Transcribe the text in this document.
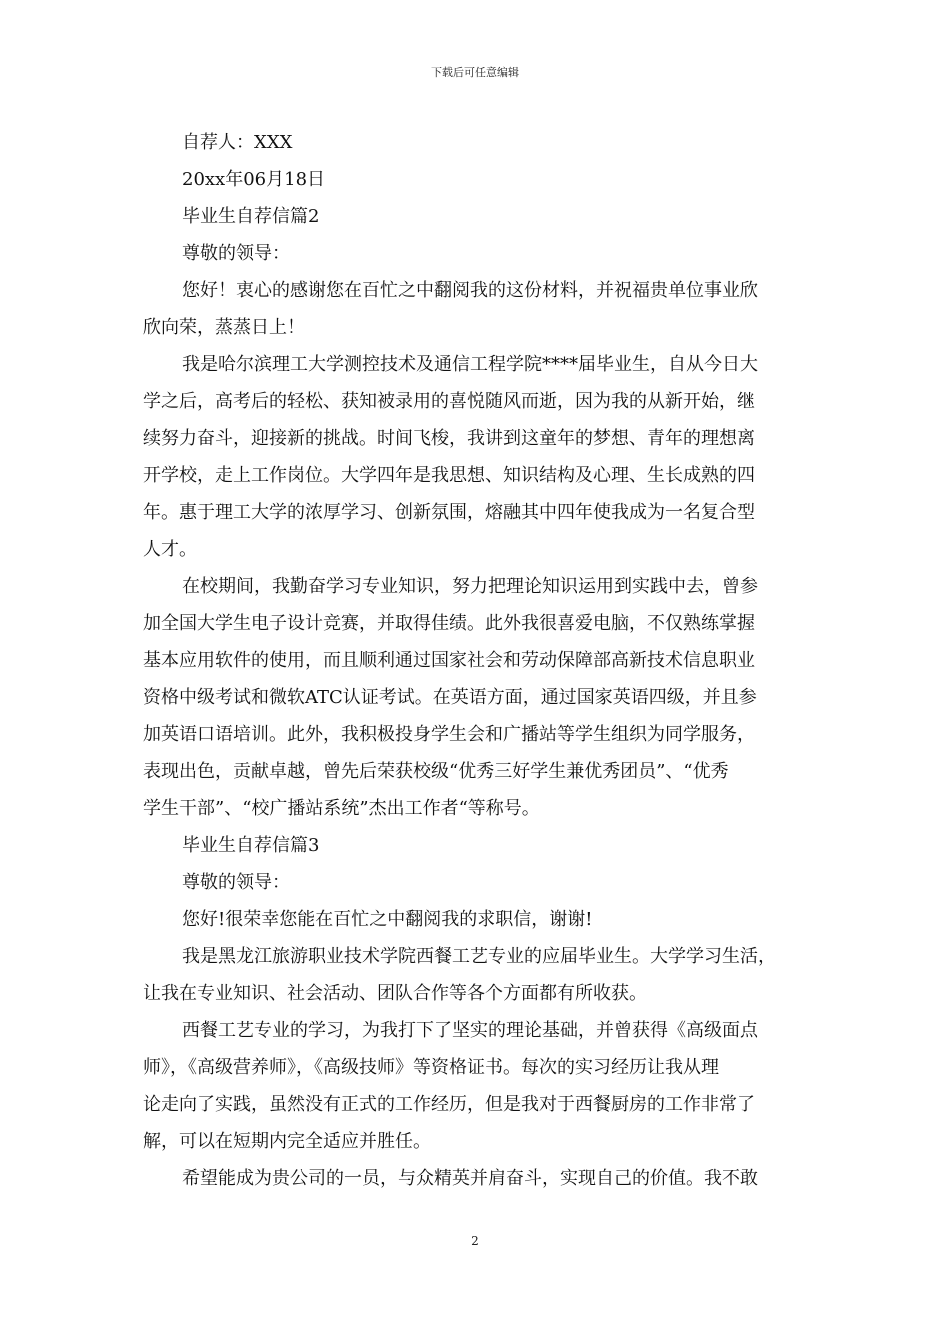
下载后可任意编辑
自荐人：XXX
20xx年06月18日
毕业生自荐信篇2
尊敬的领导：
您好！衷心的感谢您在百忙之中翻阅我的这份材料，并祝福贵单位事业欣
欣向荣，蒸蒸日上！
我是哈尔滨理工大学测控技术及通信工程学院****届毕业生，自从今日大
学之后，高考后的轻松、获知被录用的喜悦随风而逝，因为我的从新开始，继
续努力奋斗，迎接新的挑战。时间飞梭，我讲到这童年的梦想、青年的理想离
开学校，走上工作岗位。大学四年是我思想、知识结构及心理、生长成熟的四
年。惠于理工大学的浓厚学习、创新氛围，熔融其中四年使我成为一名复合型
人才。
在校期间，我勤奋学习专业知识，努力把理论知识运用到实践中去，曾参
加全国大学生电子设计竞赛，并取得佳绩。此外我很喜爱电脑，不仅熟练掌握
基本应用软件的使用，而且顺利通过国家社会和劳动保障部高新技术信息职业
资格中级考试和微软ATC认证考试。在英语方面，通过国家英语四级，并且参
加英语口语培训。此外，我积极投身学生会和广播站等学生组织为同学服务，
表现出色，贡献卓越，曾先后荣获校级“优秀三好学生兼优秀团员”、“优秀
学生干部”、“校广播站系统”杰出工作者“等称号。
毕业生自荐信篇3
尊敬的领导：
您好!很荣幸您能在百忙之中翻阅我的求职信，谢谢!
我是黑龙江旅游职业技术学院西餐工艺专业的应届毕业生。大学学习生活，
让我在专业知识、社会活动、团队合作等各个方面都有所收获。
西餐工艺专业的学习，为我打下了坚实的理论基础，并曾获得《高级面点
师》，《高级营养师》，《高级技师》等资格证书。每次的实习经历让我从理
论走向了实践，虽然没有正式的工作经历，但是我对于西餐厨房的工作非常了
解，可以在短期内完全适应并胜任。
希望能成为贵公司的一员，与众精英并肩奋斗，实现自己的价值。我不敢
2
